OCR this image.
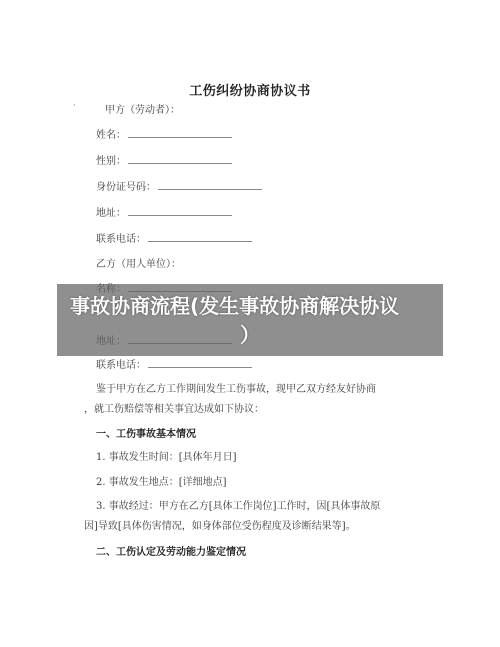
工伤纠纷协商协议书
·	甲方（劳动者）：
姓名：
性别：
身份证号码：
地址：
联系电话：
乙方（用人单位）：
联系电话：
鉴于甲方在乙方工作期间发生工伤事故，现甲乙双方经友好协商
，就工伤赔偿等相关事宜达成如下协议：
一、工伤事故基本情况
1. 事故发生时间：[具体年月日]
2. 事故发生地点：[详细地点]
3. 事故经过：甲方在乙方[具体工作岗位]工作时，因[具体事故原
因]导致[具体伤害情况，如身体部位受伤程度及诊断结果等]。
二、工伤认定及劳动能力鉴定情况
事故协商流程(发生事故协商解决协议
）
